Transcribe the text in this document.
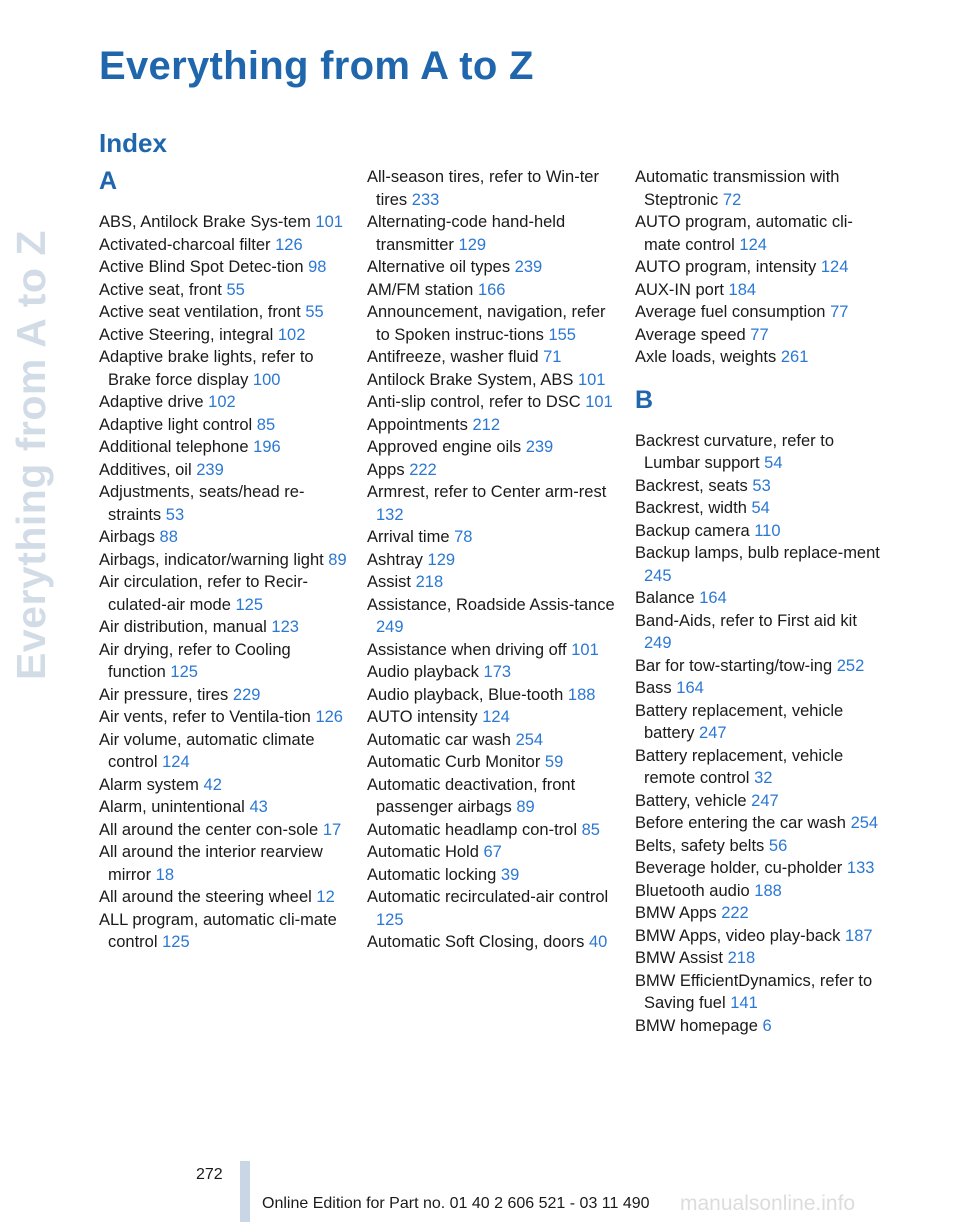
Everything from A to Z
Everything from A to Z
Index
A
ABS, Antilock Brake Sys-tem 101
Activated-charcoal filter 126
Active Blind Spot Detec-tion 98
Active seat, front 55
Active seat ventilation, front 55
Active Steering, integral 102
Adaptive brake lights, refer to Brake force display 100
Adaptive drive 102
Adaptive light control 85
Additional telephone 196
Additives, oil 239
Adjustments, seats/head re-straints 53
Airbags 88
Airbags, indicator/warning light 89
Air circulation, refer to Recir-culated-air mode 125
Air distribution, manual 123
Air drying, refer to Cooling function 125
Air pressure, tires 229
Air vents, refer to Ventila-tion 126
Air volume, automatic climate control 124
Alarm system 42
Alarm, unintentional 43
All around the center con-sole 17
All around the interior rearview mirror 18
All around the steering wheel 12
ALL program, automatic cli-mate control 125
All-season tires, refer to Win-ter tires 233
Alternating-code hand-held transmitter 129
Alternative oil types 239
AM/FM station 166
Announcement, navigation, refer to Spoken instruc-tions 155
Antifreeze, washer fluid 71
Antilock Brake System, ABS 101
Anti-slip control, refer to DSC 101
Appointments 212
Approved engine oils 239
Apps 222
Armrest, refer to Center arm-rest 132
Arrival time 78
Ashtray 129
Assist 218
Assistance, Roadside Assis-tance 249
Assistance when driving off 101
Audio playback 173
Audio playback, Blue-tooth 188
AUTO intensity 124
Automatic car wash 254
Automatic Curb Monitor 59
Automatic deactivation, front passenger airbags 89
Automatic headlamp con-trol 85
Automatic Hold 67
Automatic locking 39
Automatic recirculated-air control 125
Automatic Soft Closing, doors 40
Automatic transmission with Steptronic 72
AUTO program, automatic cli-mate control 124
AUTO program, intensity 124
AUX-IN port 184
Average fuel consumption 77
Average speed 77
Axle loads, weights 261
B
Backrest curvature, refer to Lumbar support 54
Backrest, seats 53
Backrest, width 54
Backup camera 110
Backup lamps, bulb replace-ment 245
Balance 164
Band-Aids, refer to First aid kit 249
Bar for tow-starting/tow-ing 252
Bass 164
Battery replacement, vehicle battery 247
Battery replacement, vehicle remote control 32
Battery, vehicle 247
Before entering the car wash 254
Belts, safety belts 56
Beverage holder, cu-pholder 133
Bluetooth audio 188
BMW Apps 222
BMW Apps, video play-back 187
BMW Assist 218
BMW EfficientDynamics, refer to Saving fuel 141
BMW homepage 6
272
Online Edition for Part no. 01 40 2 606 521 - 03 11 490 manualsonline.info
